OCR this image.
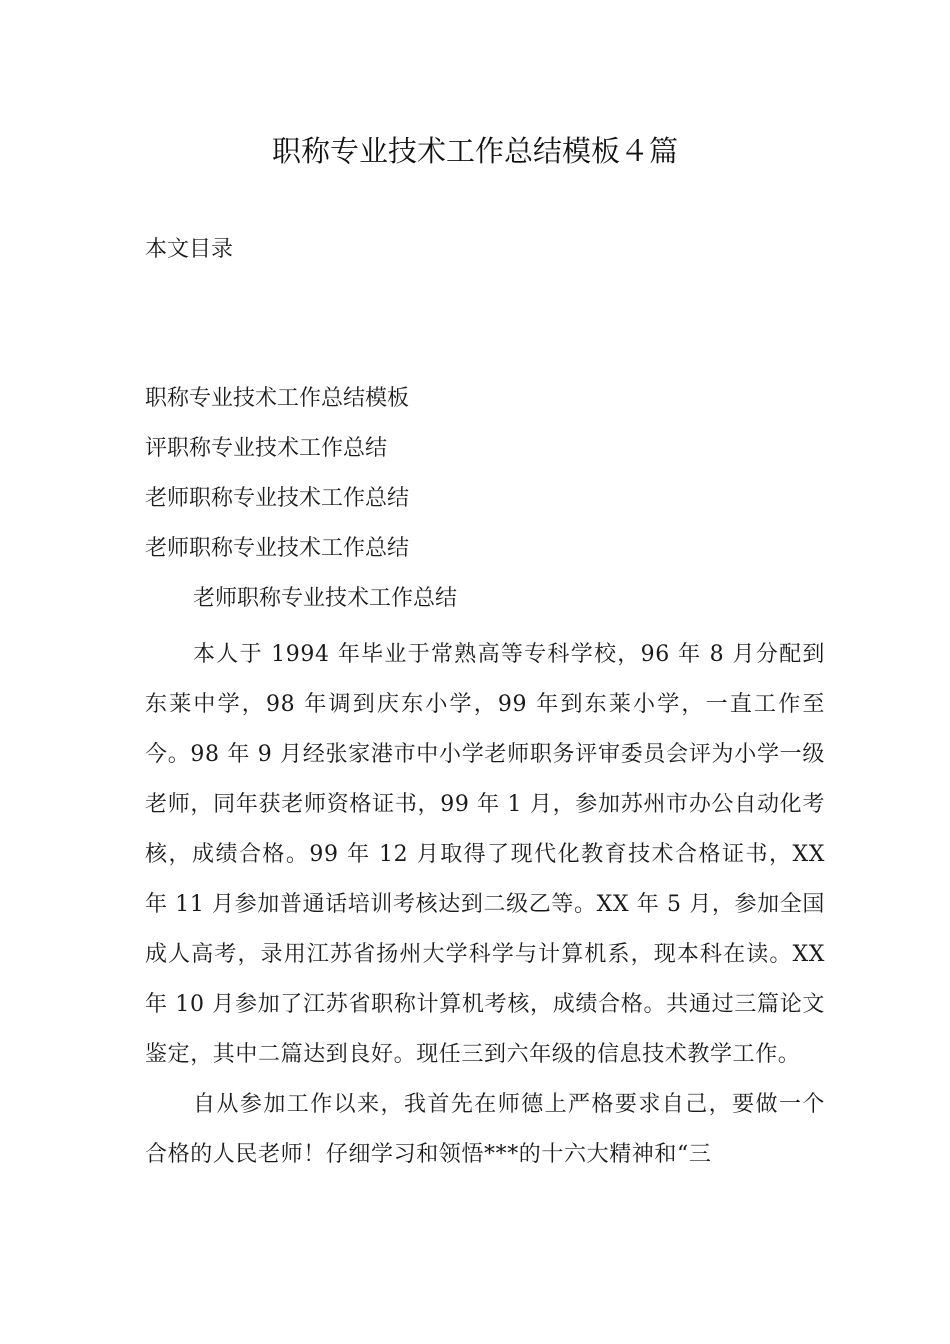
职称专业技术工作总结模板４篇
本文目录
职称专业技术工作总结模板
评职称专业技术工作总结
老师职称专业技术工作总结
老师职称专业技术工作总结
老师职称专业技术工作总结

本人于 1994 年毕业于常熟高等专科学校，96 年 8 月分配到东莱中学，98 年调到庆东小学，99 年到东莱小学，一直工作至今。98 年 9 月经张家港市中小学老师职务评审委员会评为小学一级老师，同年获老师资格证书，99 年 1 月，参加苏州市办公自动化考核，成绩合格。99 年 12 月取得了现代化教育技术合格证书，XX 年 11 月参加普通话培训考核达到二级乙等。XX 年 5 月，参加全国成人高考，录用江苏省扬州大学科学与计算机系，现本科在读。XX 年 10 月参加了江苏省职称计算机考核，成绩合格。共通过三篇论文鉴定，其中二篇达到良好。现任三到六年级的信息技术教学工作。

自从参加工作以来，我首先在师德上严格要求自己，要做一个合格的人民老师！仔细学习和领悟***的十六大精神和“三
